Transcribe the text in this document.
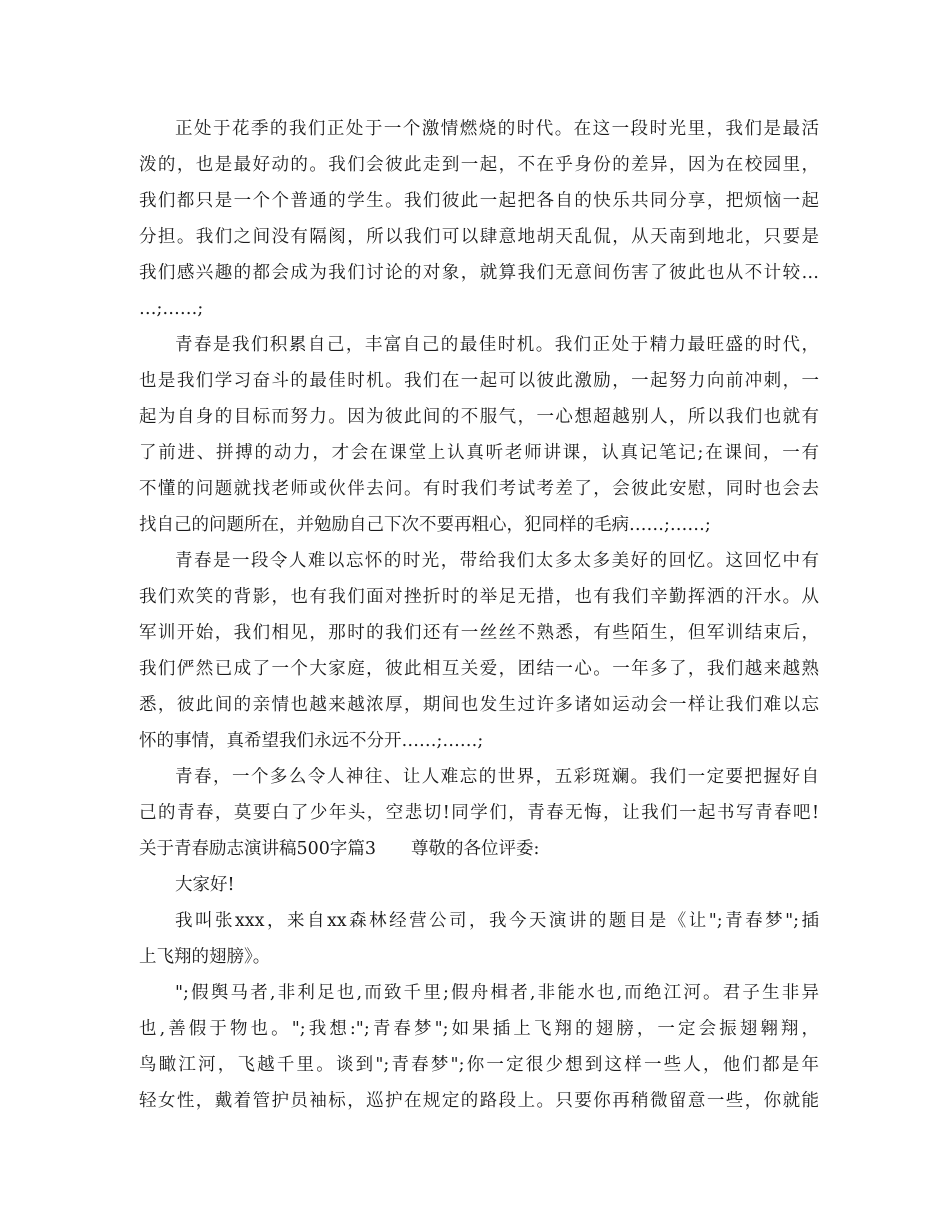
正处于花季的我们正处于一个激情燃烧的时代。在这一段时光里，我们是最活
泼的，也是最好动的。我们会彼此走到一起，不在乎身份的差异，因为在校园里，
我们都只是一个个普通的学生。我们彼此一起把各自的快乐共同分享，把烦恼一起
分担。我们之间没有隔阂，所以我们可以肆意地胡天乱侃，从天南到地北，只要是
我们感兴趣的都会成为我们讨论的对象，就算我们无意间伤害了彼此也从不计较…
…;……;
青春是我们积累自己，丰富自己的最佳时机。我们正处于精力最旺盛的时代，
也是我们学习奋斗的最佳时机。我们在一起可以彼此激励，一起努力向前冲刺，一
起为自身的目标而努力。因为彼此间的不服气，一心想超越别人，所以我们也就有
了前进、拼搏的动力，才会在课堂上认真听老师讲课，认真记笔记;在课间，一有
不懂的问题就找老师或伙伴去问。有时我们考试考差了，会彼此安慰，同时也会去
找自己的问题所在，并勉励自己下次不要再粗心，犯同样的毛病……;……;
青春是一段令人难以忘怀的时光，带给我们太多太多美好的回忆。这回忆中有
我们欢笑的背影，也有我们面对挫折时的举足无措，也有我们辛勤挥洒的汗水。从
军训开始，我们相见，那时的我们还有一丝丝不熟悉，有些陌生，但军训结束后，
我们俨然已成了一个大家庭，彼此相互关爱，团结一心。一年多了，我们越来越熟
悉，彼此间的亲情也越来越浓厚，期间也发生过许多诸如运动会一样让我们难以忘
怀的事情，真希望我们永远不分开……;……;
青春，一个多么令人神往、让人难忘的世界，五彩斑斓。我们一定要把握好自
己的青春，莫要白了少年头，空悲切!同学们，青春无悔，让我们一起书写青春吧!
关于青春励志演讲稿500字篇3　　尊敬的各位评委:
大家好!
我叫张xxx，来自xx森林经营公司，我今天演讲的题目是《让";青春梦";插
上飞翔的翅膀》。
";假舆马者,非利足也,而致千里;假舟楫者,非能水也,而绝江河。君子生非异
也,善假于物也。";我想:";青春梦";如果插上飞翔的翅膀，一定会振翅翱翔，
鸟瞰江河，飞越千里。谈到";青春梦";你一定很少想到这样一些人，他们都是年
轻女性，戴着管护员袖标，巡护在规定的路段上。只要你再稍微留意一些，你就能
